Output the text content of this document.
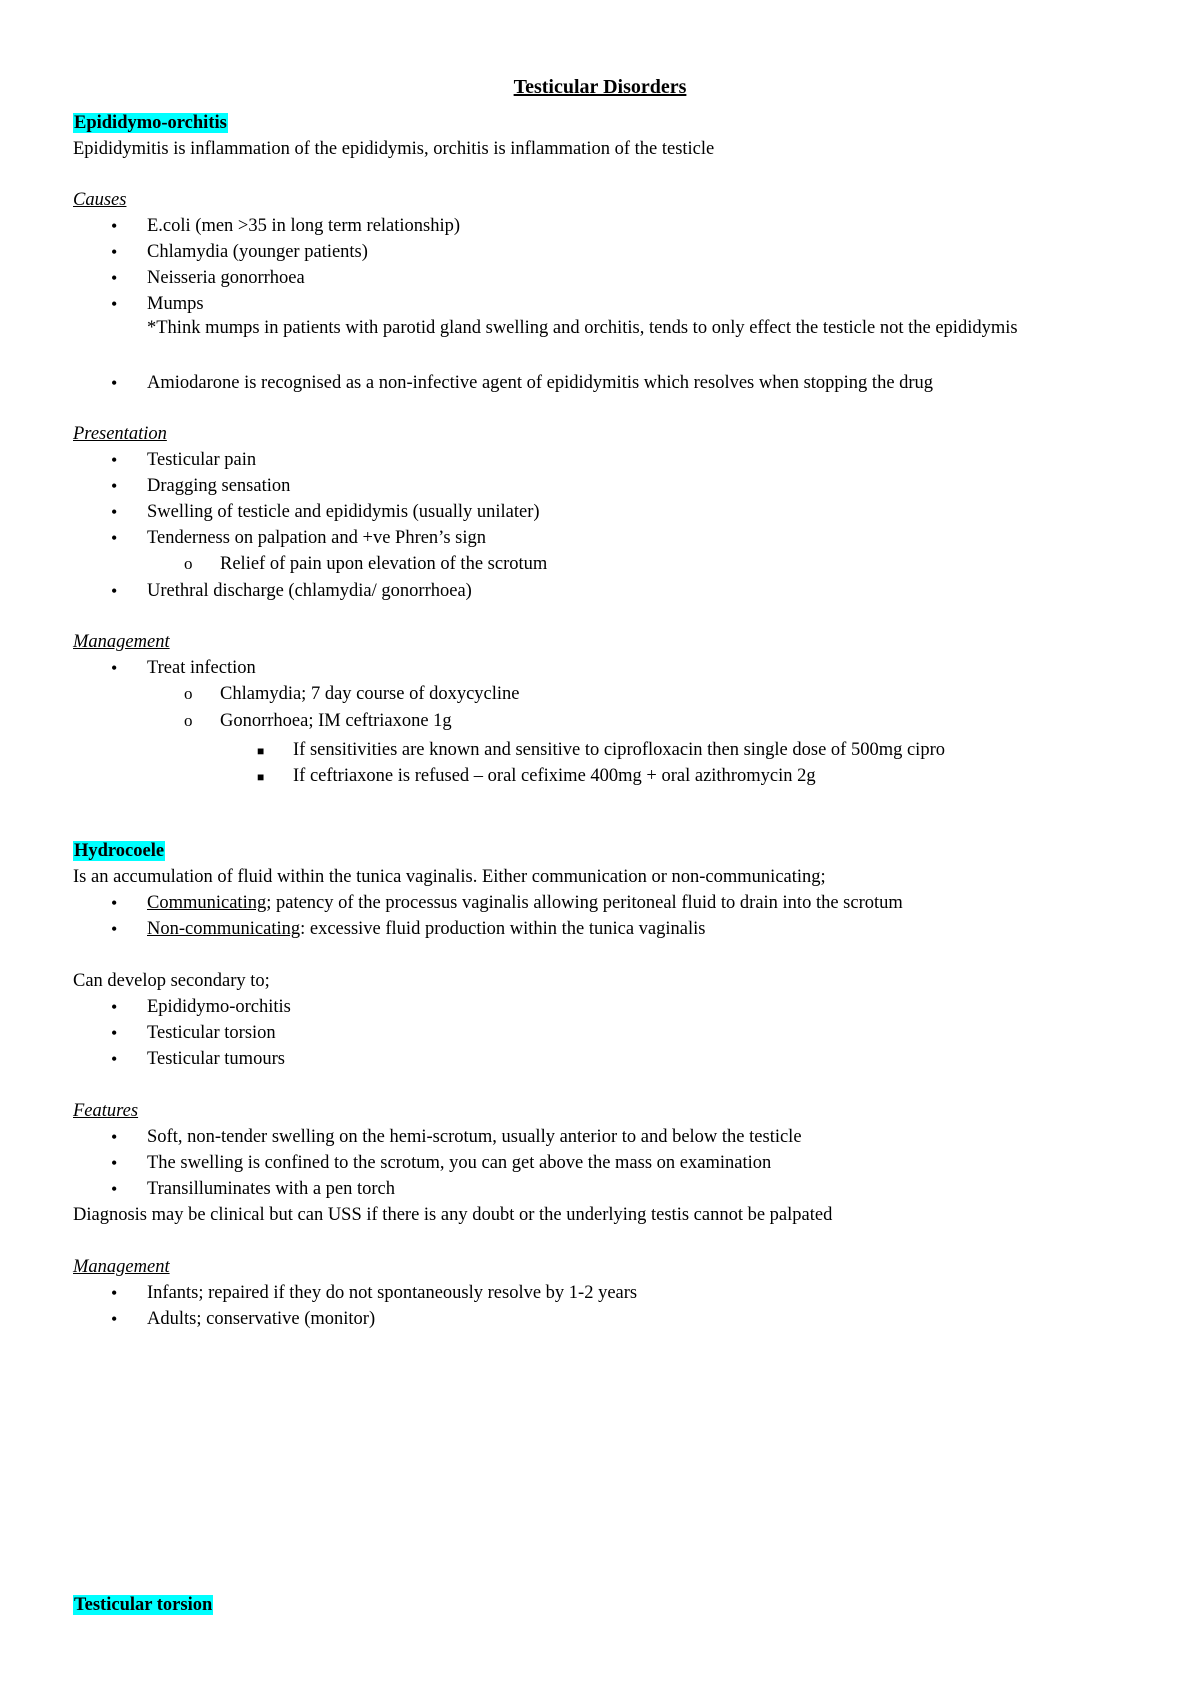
Testicular Disorders
Epididymo-orchitis
Epididymitis is inflammation of the epididymis, orchitis is inflammation of the testicle
Causes
•	E.coli (men >35 in long term relationship)
•	Chlamydia (younger patients)
•	Neisseria gonorrhoea
•	Mumps
*Think mumps in patients with parotid gland swelling and orchitis, tends to only effect the testicle not the epididymis
•	Amiodarone is recognised as a non-infective agent of epididymitis which resolves when stopping the drug
Presentation
•	Testicular pain
•	Dragging sensation
•	Swelling of testicle and epididymis (usually unilater)
•	Tenderness on palpation and +ve Phren’s sign
o	Relief of pain upon elevation of the scrotum
•	Urethral discharge (chlamydia/ gonorrhoea)
Management
•	Treat infection
o	Chlamydia; 7 day course of doxycycline
o	Gonorrhoea; IM ceftriaxone 1g
■	If sensitivities are known and sensitive to ciprofloxacin then single dose of 500mg cipro
■	If ceftriaxone is refused – oral cefixime 400mg + oral azithromycin 2g
Hydrocoele
Is an accumulation of fluid within the tunica vaginalis. Either communication or non-communicating;
•	Communicating; patency of the processus vaginalis allowing peritoneal fluid to drain into the scrotum
•	Non-communicating: excessive fluid production within the tunica vaginalis
Can develop secondary to;
•	Epididymo-orchitis
•	Testicular torsion
•	Testicular tumours
Features
•	Soft, non-tender swelling on the hemi-scrotum, usually anterior to and below the testicle
•	The swelling is confined to the scrotum, you can get above the mass on examination
•	Transilluminates with a pen torch
Diagnosis may be clinical but can USS if there is any doubt or the underlying testis cannot be palpated
Management
•	Infants; repaired if they do not spontaneously resolve by 1-2 years
•	Adults; conservative (monitor)
Testicular torsion
